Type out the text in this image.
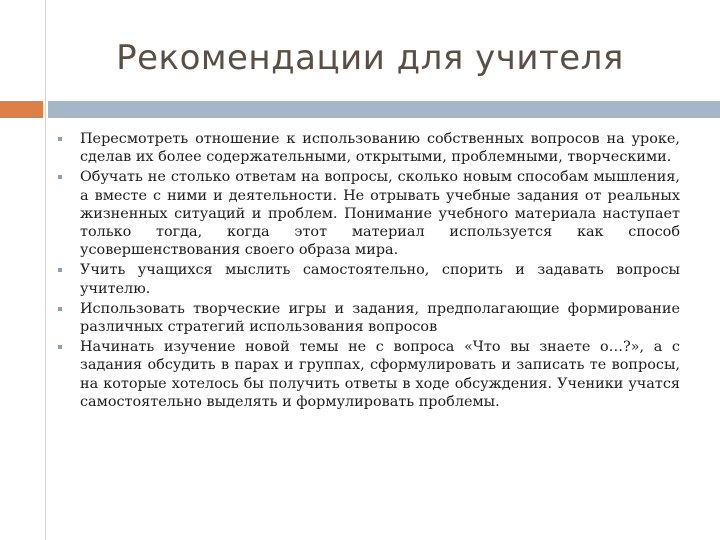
Рекомендации для учителя
Пересмотреть отношение к использованию собственных вопросов на уроке, сделав их более содержательными, открытыми, проблемными, творческими.
Обучать не столько ответам на вопросы, сколько новым способам мышления, а вместе с ними и деятельности. Не отрывать учебные задания от реальных жизненных ситуаций и проблем. Понимание учебного материала наступает только тогда, когда этот материал используется как способ усовершенствования своего образа мира.
Учить учащихся мыслить самостоятельно, спорить и задавать вопросы учителю.
Использовать творческие игры и задания, предполагающие формирование различных стратегий использования вопросов
Начинать изучение новой темы не с вопроса «Что вы знаете о…?», а с задания обсудить в парах и группах, сформулировать и записать те вопросы, на которые хотелось бы получить ответы в ходе обсуждения. Ученики учатся самостоятельно выделять и формулировать проблемы.
